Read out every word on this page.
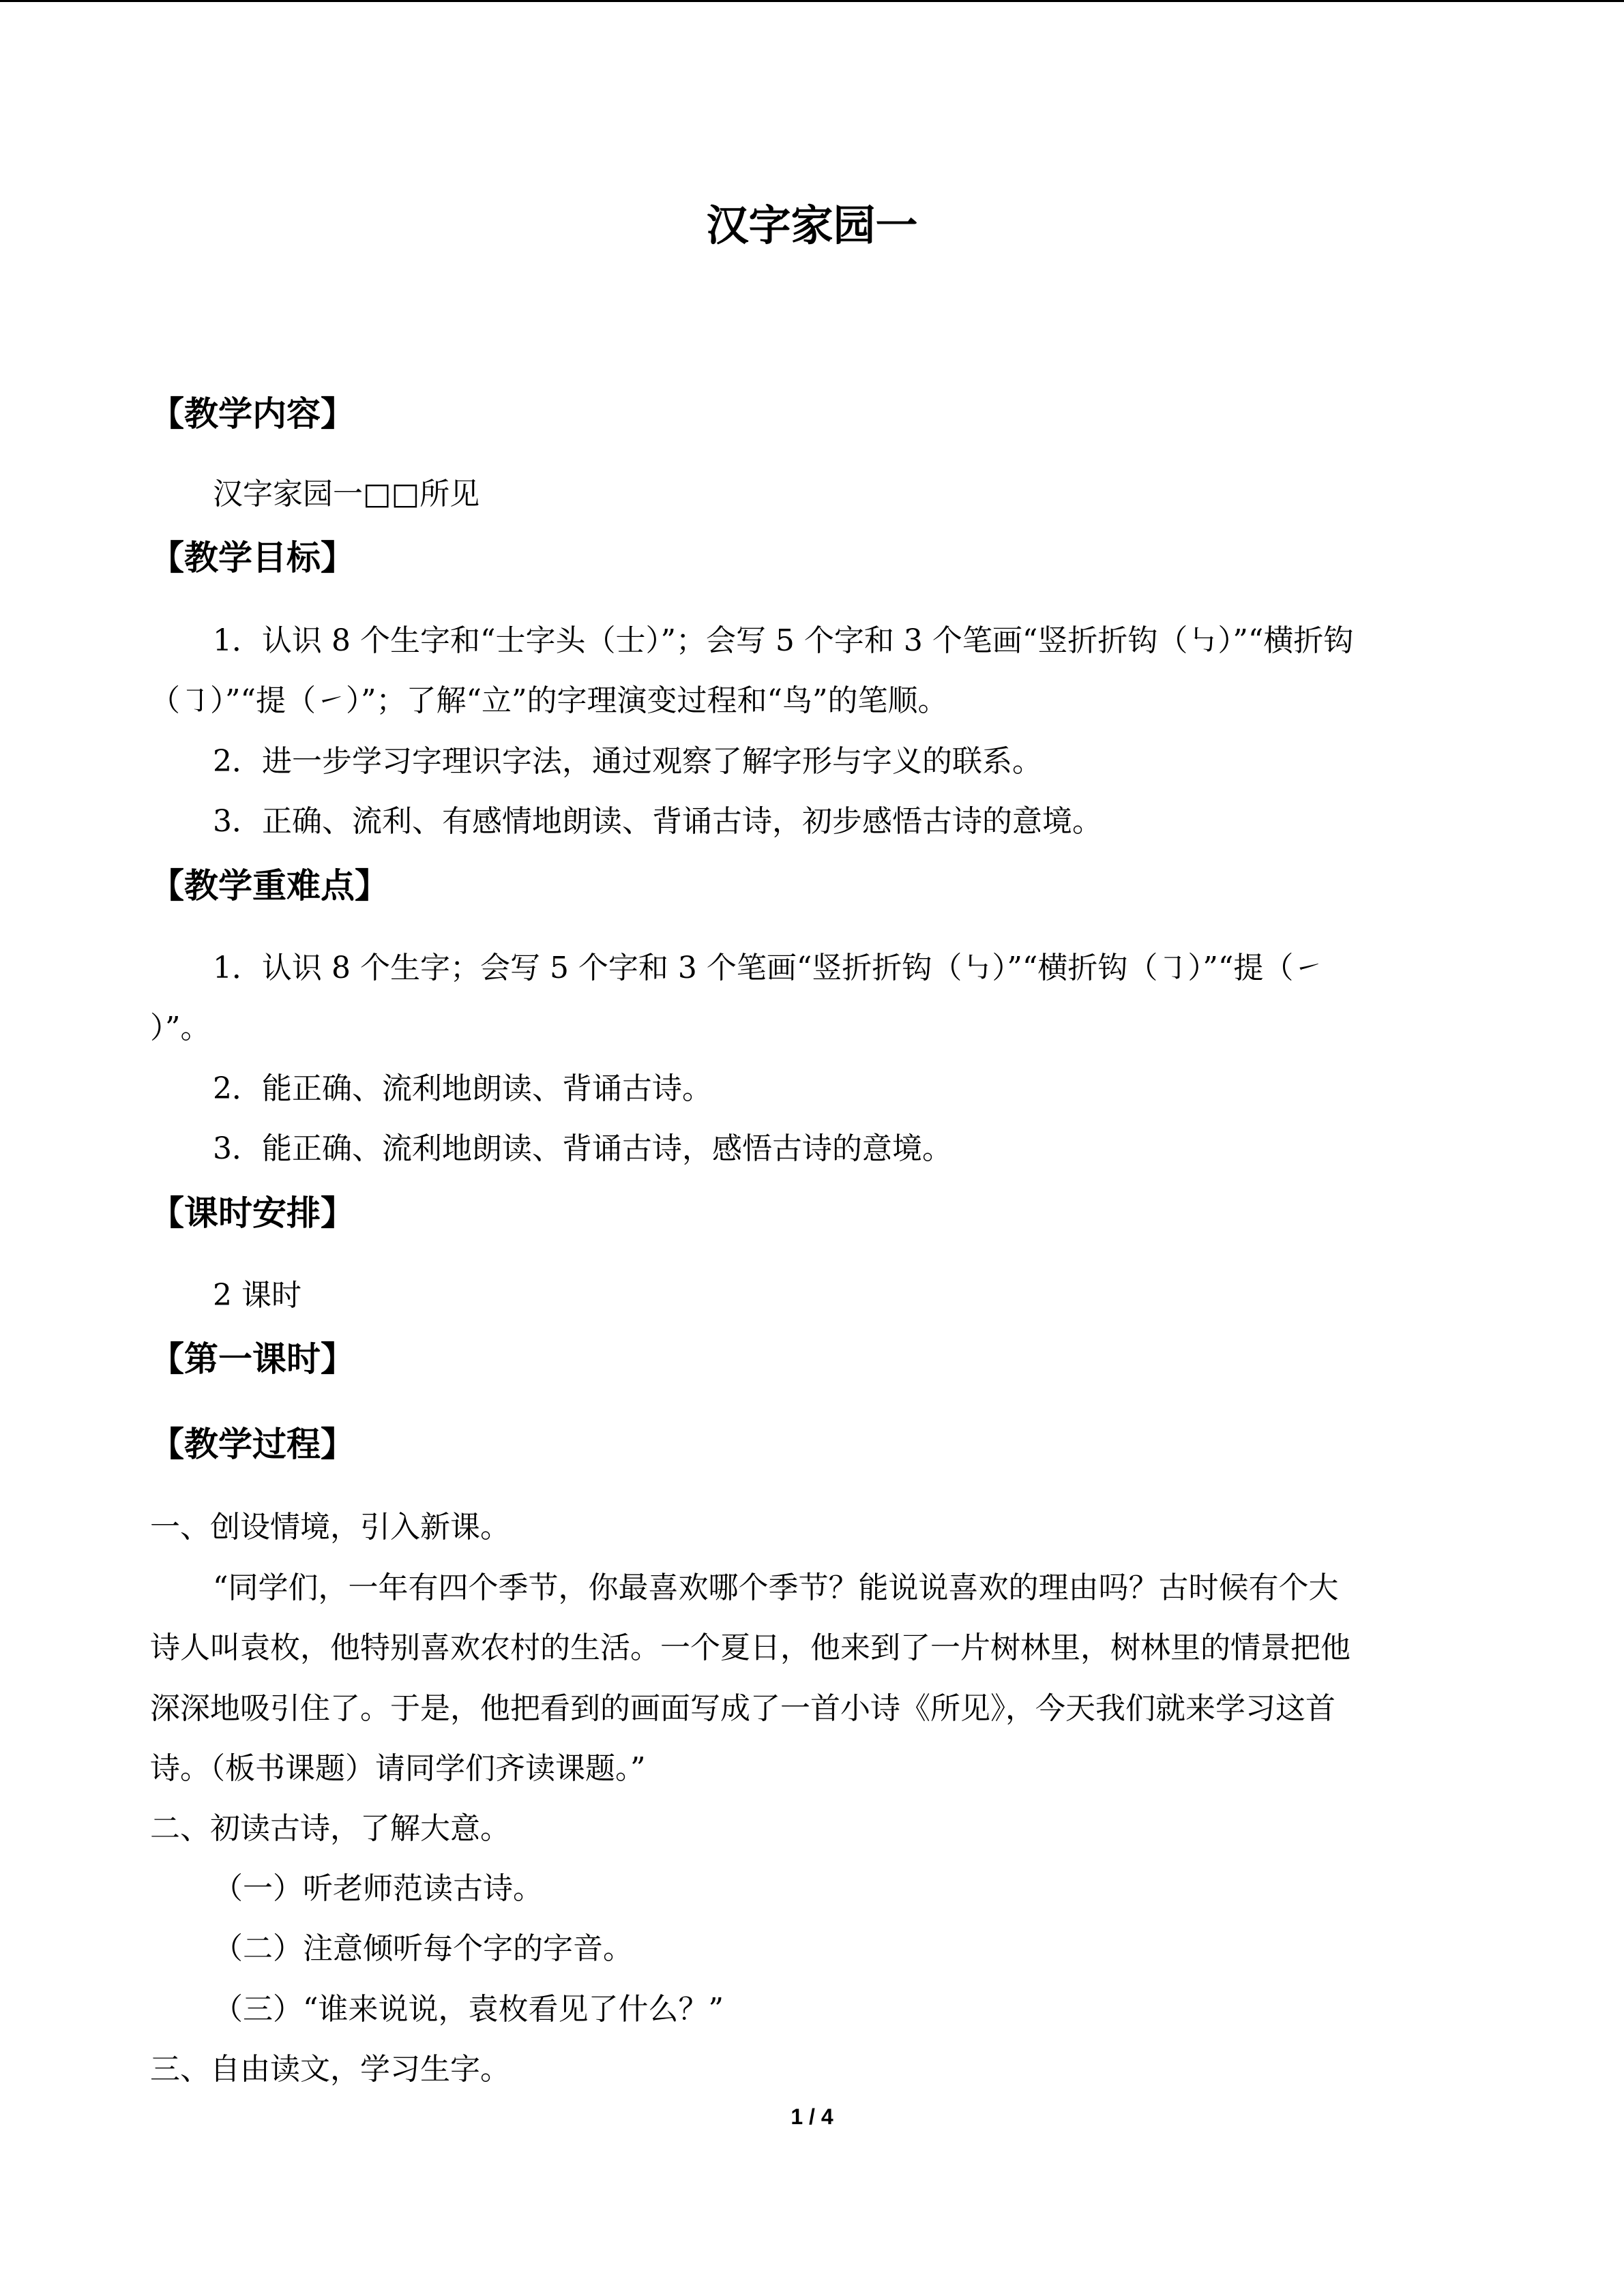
汉字家园一
【教学内容】
汉字家园一□□所见
【教学目标】
1．认识 8 个生字和“士字头（⼠）”；会写 5 个字和 3 个笔画“竖折折钩（㇉）”“横折钩
（㇆）”“提（㇀）”；了解“立”的字理演变过程和“鸟”的笔顺。
2．进一步学习字理识字法，通过观察了解字形与字义的联系。
3．正确、流利、有感情地朗读、背诵古诗，初步感悟古诗的意境。
【教学重难点】
1．认识 8 个生字；会写 5 个字和 3 个笔画“竖折折钩（㇉）”“横折钩（㇆）”“提（㇀
）”。
2．能正确、流利地朗读、背诵古诗。
3．能正确、流利地朗读、背诵古诗，感悟古诗的意境。
【课时安排】
2 课时
【第一课时】
【教学过程】
一、创设情境，引入新课。
“同学们，一年有四个季节，你最喜欢哪个季节？能说说喜欢的理由吗？古时候有个大
诗人叫袁枚，他特别喜欢农村的生活。一个夏日，他来到了一片树林里，树林里的情景把他
深深地吸引住了。于是，他把看到的画面写成了一首小诗《所见》，今天我们就来学习这首
诗。（板书课题）请同学们齐读课题。”
二、初读古诗，了解大意。
（一）听老师范读古诗。
（二）注意倾听每个字的字音。
（三）“谁来说说，袁枚看见了什么？”
三、自由读文，学习生字。
1 / 4
